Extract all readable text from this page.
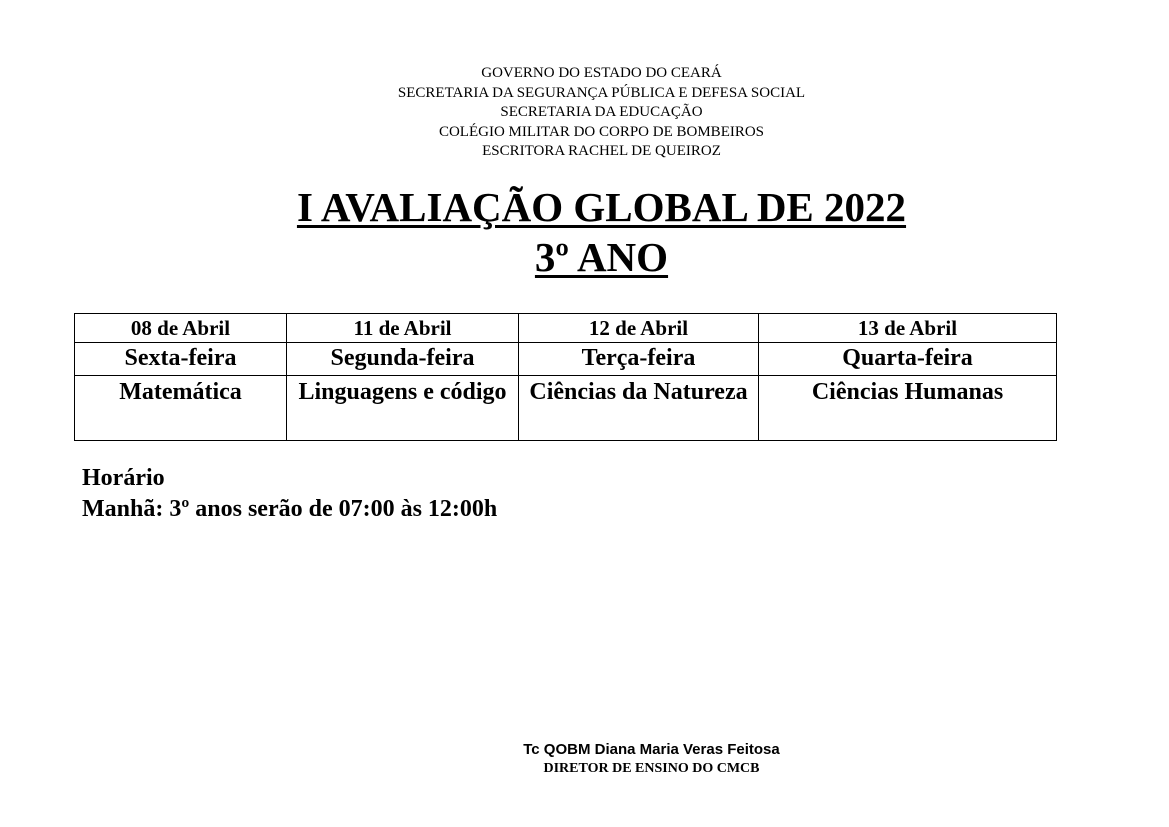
GOVERNO DO ESTADO DO CEARÁ
SECRETARIA DA SEGURANÇA PÚBLICA E DEFESA SOCIAL
SECRETARIA DA EDUCAÇÃO
COLÉGIO MILITAR DO CORPO DE BOMBEIROS
ESCRITORA RACHEL DE QUEIROZ
I AVALIAÇÃO GLOBAL DE 2022
3º ANO
08 de Abril	11 de Abril	12 de Abril	13 de Abril
Sexta-feira	Segunda-feira	Terça-feira	Quarta-feira
Matemática	Linguagens e código	Ciências da Natureza	Ciências Humanas
Horário
Manhã: 3º anos serão de 07:00 às 12:00h
Tc QOBM Diana Maria Veras Feitosa
DIRETOR DE ENSINO DO CMCB
